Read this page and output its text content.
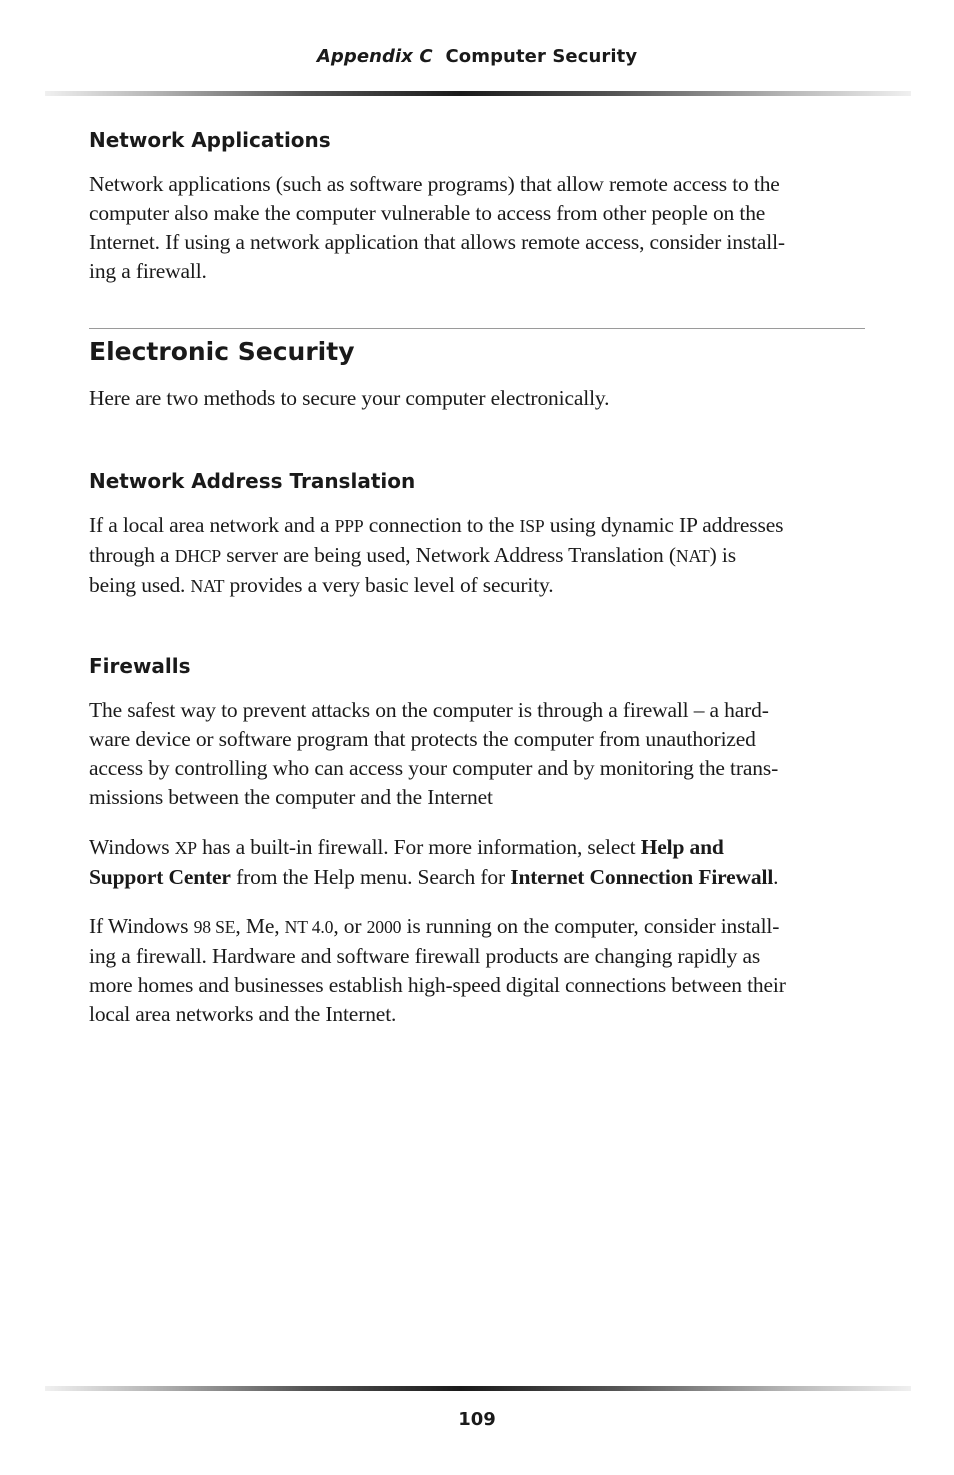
Appendix C Computer Security
Network Applications

Network applications (such as software programs) that allow remote access to the
computer also make the computer vulnerable to access from other people on the
Internet. If using a network application that allows remote access, consider install-
ing a firewall.

Electronic Security

Here are two methods to secure your computer electronically.

Network Address Translation

If a local area network and a PPP connection to the ISP using dynamic IP addresses
through a DHCP server are being used, Network Address Translation (NAT) is
being used. NAT provides a very basic level of security.

Firewalls

The safest way to prevent attacks on the computer is through a firewall – a hard-
ware device or software program that protects the computer from unauthorized
access by controlling who can access your computer and by monitoring the trans-
missions between the computer and the Internet

Windows XP has a built-in firewall. For more information, select Help and
Support Center from the Help menu. Search for Internet Connection Firewall.

If Windows 98 SE, Me, NT 4.0, or 2000 is running on the computer, consider install-
ing a firewall. Hardware and software firewall products are changing rapidly as
more homes and businesses establish high-speed digital connections between their
local area networks and the Internet.

109
